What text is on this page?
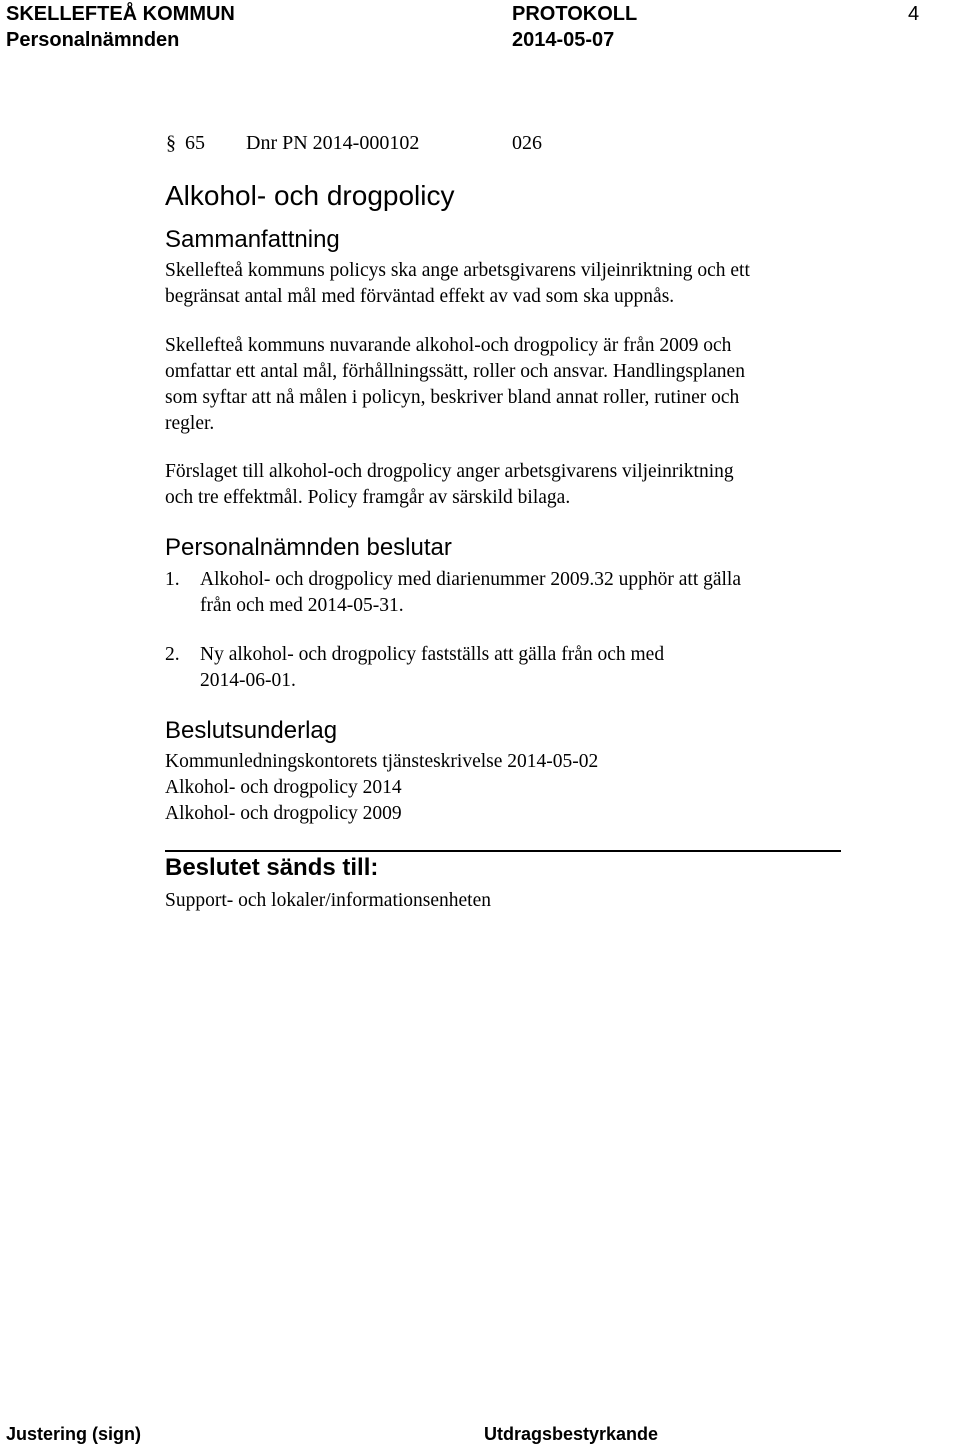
SKELLEFTEÅ KOMMUN	PROTOKOLL	4
Personalnämnden	2014-05-07
§ 65 Dnr PN 2014-000102	026
Alkohol- och drogpolicy
Sammanfattning
Skellefteå kommuns policys ska ange arbetsgivarens viljeinriktning och ett
begränsat antal mål med förväntad effekt av vad som ska uppnås.
Skellefteå kommuns nuvarande alkohol-och drogpolicy är från 2009 och
omfattar ett antal mål, förhållningssätt, roller och ansvar. Handlingsplanen
som syftar att nå målen i policyn, beskriver bland annat roller, rutiner och
regler.
Förslaget till alkohol-och drogpolicy anger arbetsgivarens viljeinriktning
och tre effektmål. Policy framgår av särskild bilaga.
Personalnämnden beslutar
1. Alkohol- och drogpolicy med diarienummer 2009.32 upphör att gälla
från och med 2014-05-31.
2. Ny alkohol- och drogpolicy fastställs att gälla från och med
2014-06-01.
Beslutsunderlag
Kommunledningskontorets tjänsteskrivelse 2014-05-02
Alkohol- och drogpolicy 2014
Alkohol- och drogpolicy 2009
Beslutet sänds till:
Support- och lokaler/informationsenheten
Justering (sign)	Utdragsbestyrkande
